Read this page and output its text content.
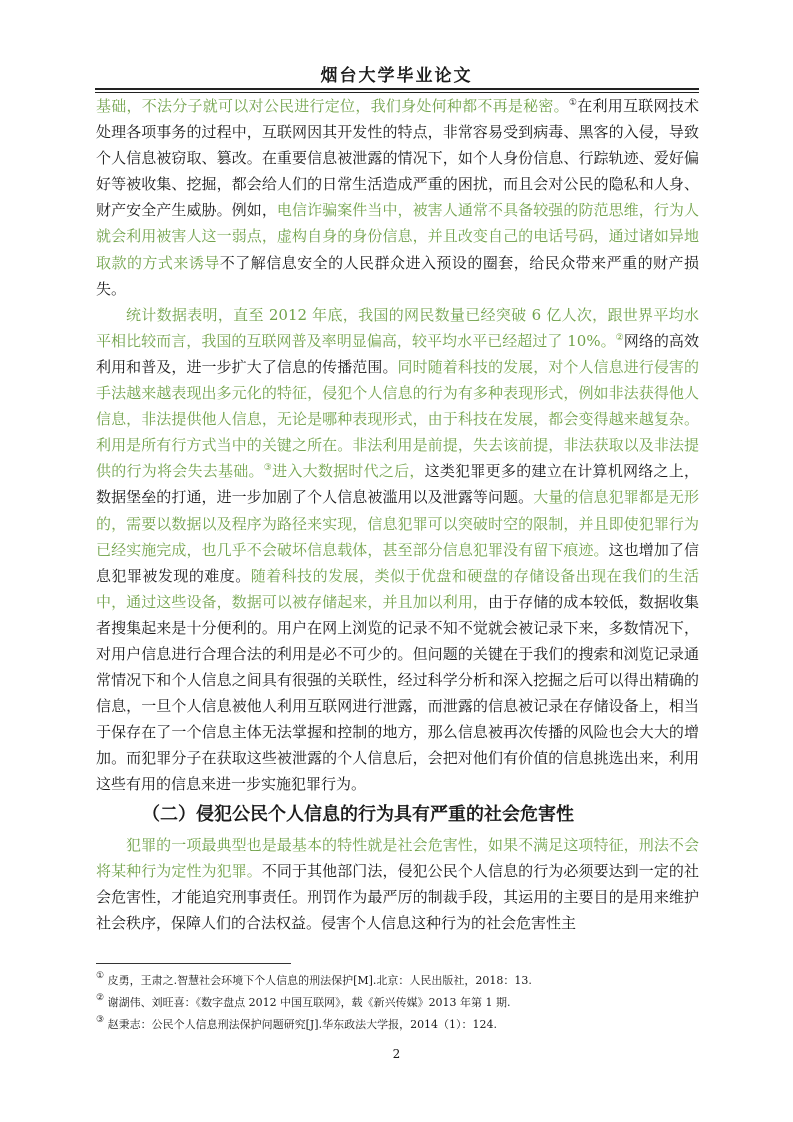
烟台大学毕业论文

基础，不法分子就可以对公民进行定位，我们身处何种都不再是秘密。①在利用互联网技术处理各项事务的过程中，互联网因其开发性的特点，非常容易受到病毒、黑客的入侵，导致个人信息被窃取、篡改。在重要信息被泄露的情况下，如个人身份信息、行踪轨迹、爱好偏好等被收集、挖掘，都会给人们的日常生活造成严重的困扰，而且会对公民的隐私和人身、财产安全产生威胁。例如，电信诈骗案件当中，被害人通常不具备较强的防范思维，行为人就会利用被害人这一弱点，虚构自身的身份信息，并且改变自己的电话号码，通过诸如异地取款的方式来诱导不了解信息安全的人民群众进入预设的圈套，给民众带来严重的财产损失。

统计数据表明，直至 2012 年底，我国的网民数量已经突破 6 亿人次，跟世界平均水平相比较而言，我国的互联网普及率明显偏高，较平均水平已经超过了 10%。②网络的高效利用和普及，进一步扩大了信息的传播范围。同时随着科技的发展，对个人信息进行侵害的手法越来越表现出多元化的特征，侵犯个人信息的行为有多种表现形式，例如非法获得他人信息，非法提供他人信息，无论是哪种表现形式，由于科技在发展，都会变得越来越复杂。利用是所有行方式当中的关键之所在。非法利用是前提，失去该前提，非法获取以及非法提供的行为将会失去基础。③进入大数据时代之后，这类犯罪更多的建立在计算机网络之上，数据堡垒的打通，进一步加剧了个人信息被滥用以及泄露等问题。大量的信息犯罪都是无形的，需要以数据以及程序为路径来实现，信息犯罪可以突破时空的限制，并且即使犯罪行为已经实施完成，也几乎不会破坏信息载体，甚至部分信息犯罪没有留下痕迹。这也增加了信息犯罪被发现的难度。随着科技的发展，类似于优盘和硬盘的存储设备出现在我们的生活中，通过这些设备，数据可以被存储起来，并且加以利用，由于存储的成本较低，数据收集者搜集起来是十分便利的。用户在网上浏览的记录不知不觉就会被记录下来，多数情况下，对用户信息进行合理合法的利用是必不可少的。但问题的关键在于我们的搜索和浏览记录通常情况下和个人信息之间具有很强的关联性，经过科学分析和深入挖掘之后可以得出精确的信息，一旦个人信息被他人利用互联网进行泄露，而泄露的信息被记录在存储设备上，相当于保存在了一个信息主体无法掌握和控制的地方，那么信息被再次传播的风险也会大大的增加。而犯罪分子在获取这些被泄露的个人信息后，会把对他们有价值的信息挑选出来，利用这些有用的信息来进一步实施犯罪行为。

（二）侵犯公民个人信息的行为具有严重的社会危害性

犯罪的一项最典型也是最基本的特性就是社会危害性，如果不满足这项特征，刑法不会将某种行为定性为犯罪。不同于其他部门法，侵犯公民个人信息的行为必须要达到一定的社会危害性，才能追究刑事责任。刑罚作为最严厉的制裁手段，其运用的主要目的是用来维护社会秩序，保障人们的合法权益。侵害个人信息这种行为的社会危害性主

① 皮勇，王肃之.智慧社会环境下个人信息的刑法保护[M].北京：人民出版社，2018：13.
② 谢湖伟、刘旺喜：《数字盘点 2012 中国互联网》，载《新兴传媒》2013 年第 1 期.
③ 赵秉志：公民个人信息刑法保护问题研究[J].华东政法大学报，2014（1）：124.
2
